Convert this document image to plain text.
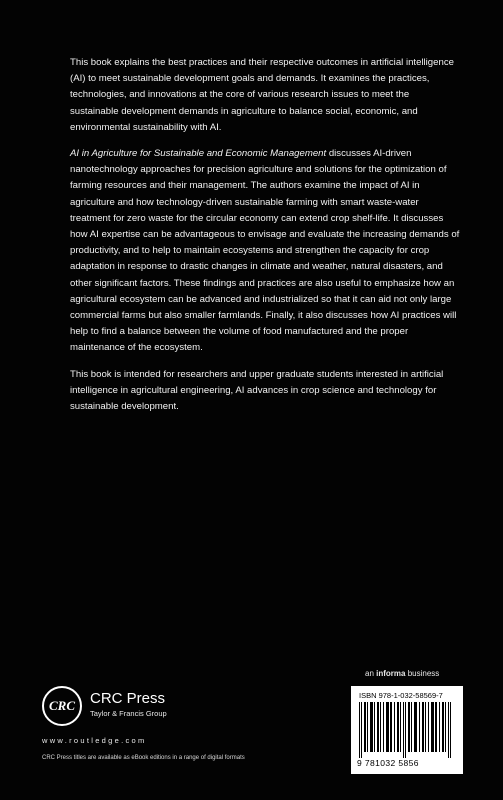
This book explains the best practices and their respective outcomes in artificial intelligence (AI) to meet sustainable development goals and demands. It examines the practices, technologies, and innovations at the core of various research issues to meet the sustainable development demands in agriculture to balance social, economic, and environmental sustainability with AI.

AI in Agriculture for Sustainable and Economic Management discusses AI-driven nanotechnology approaches for precision agriculture and solutions for the optimization of farming resources and their management. The authors examine the impact of AI in agriculture and how technology-driven sustainable farming with smart waste-water treatment for zero waste for the circular economy can extend crop shelf-life. It discusses how AI expertise can be advantageous to envisage and evaluate the increasing demands of productivity, and to help to maintain ecosystems and strengthen the capacity for crop adaptation in response to drastic changes in climate and weather, natural disasters, and other significant factors. These findings and practices are also useful to emphasize how an agricultural ecosystem can be advanced and industrialized so that it can aid not only large commercial farms but also smaller farmlands. Finally, it also discusses how AI practices will help to find a balance between the volume of food manufactured and the proper maintenance of the ecosystem.

This book is intended for researchers and upper graduate students interested in artificial intelligence in agricultural engineering, AI advances in crop science and technology for sustainable development.

an informa business
ISBN 978-1-032-58569-7
9 781032 5856
CRC	CRC Press
Taylor & Francis Group
www.routledge.com
CRC Press titles are available as eBook editions in a range of digital formats
